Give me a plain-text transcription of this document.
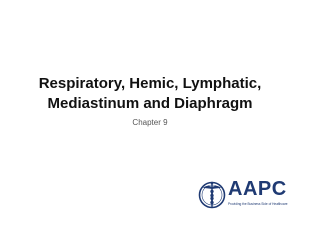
Respiratory, Hemic, Lymphatic,
Mediastinum and Diaphragm
Chapter 9
AAPC
Providing the Business Side of Healthcare
